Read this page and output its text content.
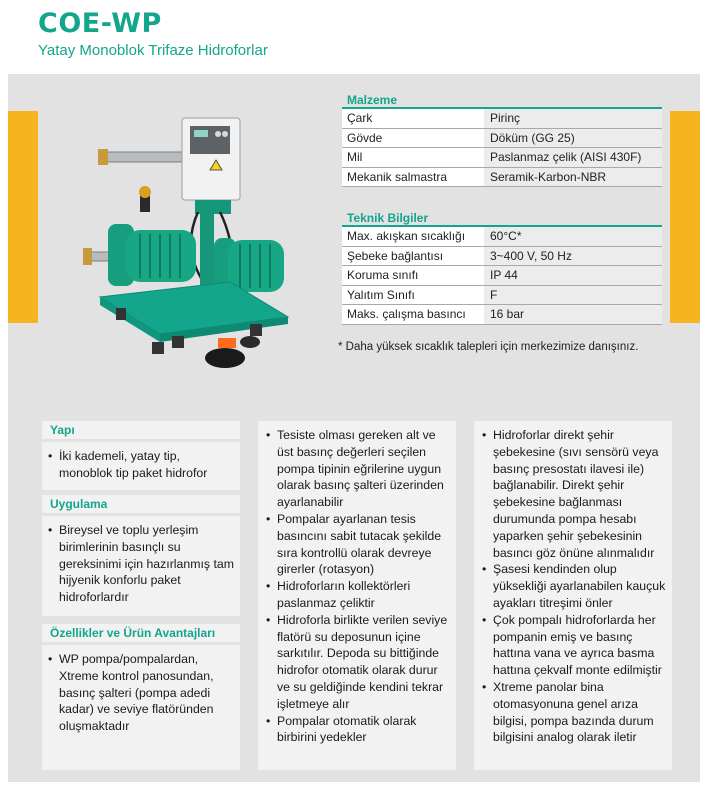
COE-WP
Yatay Monoblok Trifaze Hidroforlar
Malzeme
Çark	Pirinç
Gövde	Döküm (GG 25)
Mil	Paslanmaz çelik (AISI 430F)
Mekanik salmastra	Seramik-Karbon-NBR
Teknik Bilgiler
Max. akışkan sıcaklığı	60°C*
Şebeke bağlantısı	3~400 V, 50 Hz
Koruma sınıfı	IP 44
Yalıtım Sınıfı	F
Maks. çalışma basıncı	16 bar
* Daha yüksek sıcaklık talepleri için merkezimize danışınız.
Yapı
• İki kademeli, yatay tip, monoblok tip paket hidrofor
Uygulama
• Bireysel ve toplu yerleşim birimlerinin basınçlı su gereksinimi için hazırlanmış tam hijyenik konforlu paket hidroforlardır
Özellikler ve Ürün Avantajları
• WP pompa/pompalardan, Xtreme kontrol panosundan, basınç şalteri (pompa adedi kadar) ve seviye flatöründen oluşmaktadır
• Tesiste olması gereken alt ve üst basınç değerleri seçilen pompa tipinin eğrilerine uygun olarak basınç şalteri üzerinden ayarlanabilir
• Pompalar ayarlanan tesis basıncını sabit tutacak şekilde sıra kontrollü olarak devreye girerler (rotasyon)
• Hidroforların kollektörleri paslanmaz çeliktir
• Hidroforla birlikte verilen seviye flatörü su deposunun içine sarkıtılır. Depoda su bittiğinde hidrofor otomatik olarak durur ve su geldiğinde kendini tekrar işletmeye alır
• Pompalar otomatik olarak birbirini yedekler
• Hidroforlar direkt şehir şebekesine (sıvı sensörü veya basınç presostatı ilavesi ile) bağlanabilir. Direkt şehir şebekesine bağlanması durumunda pompa hesabı yaparken şehir şebekesinin basıncı göz önüne alınmalıdır
• Şasesi kendinden olup yüksekliği ayarlanabilen kauçuk ayakları titreşimi önler
• Çok pompalı hidroforlarda her pompanin emiş ve basınç hattına vana ve ayrıca basma hattına çekvalf monte edilmiştir
• Xtreme panolar bina otomasyonuna genel arıza bilgisi, pompa bazında durum bilgisini analog olarak iletir
